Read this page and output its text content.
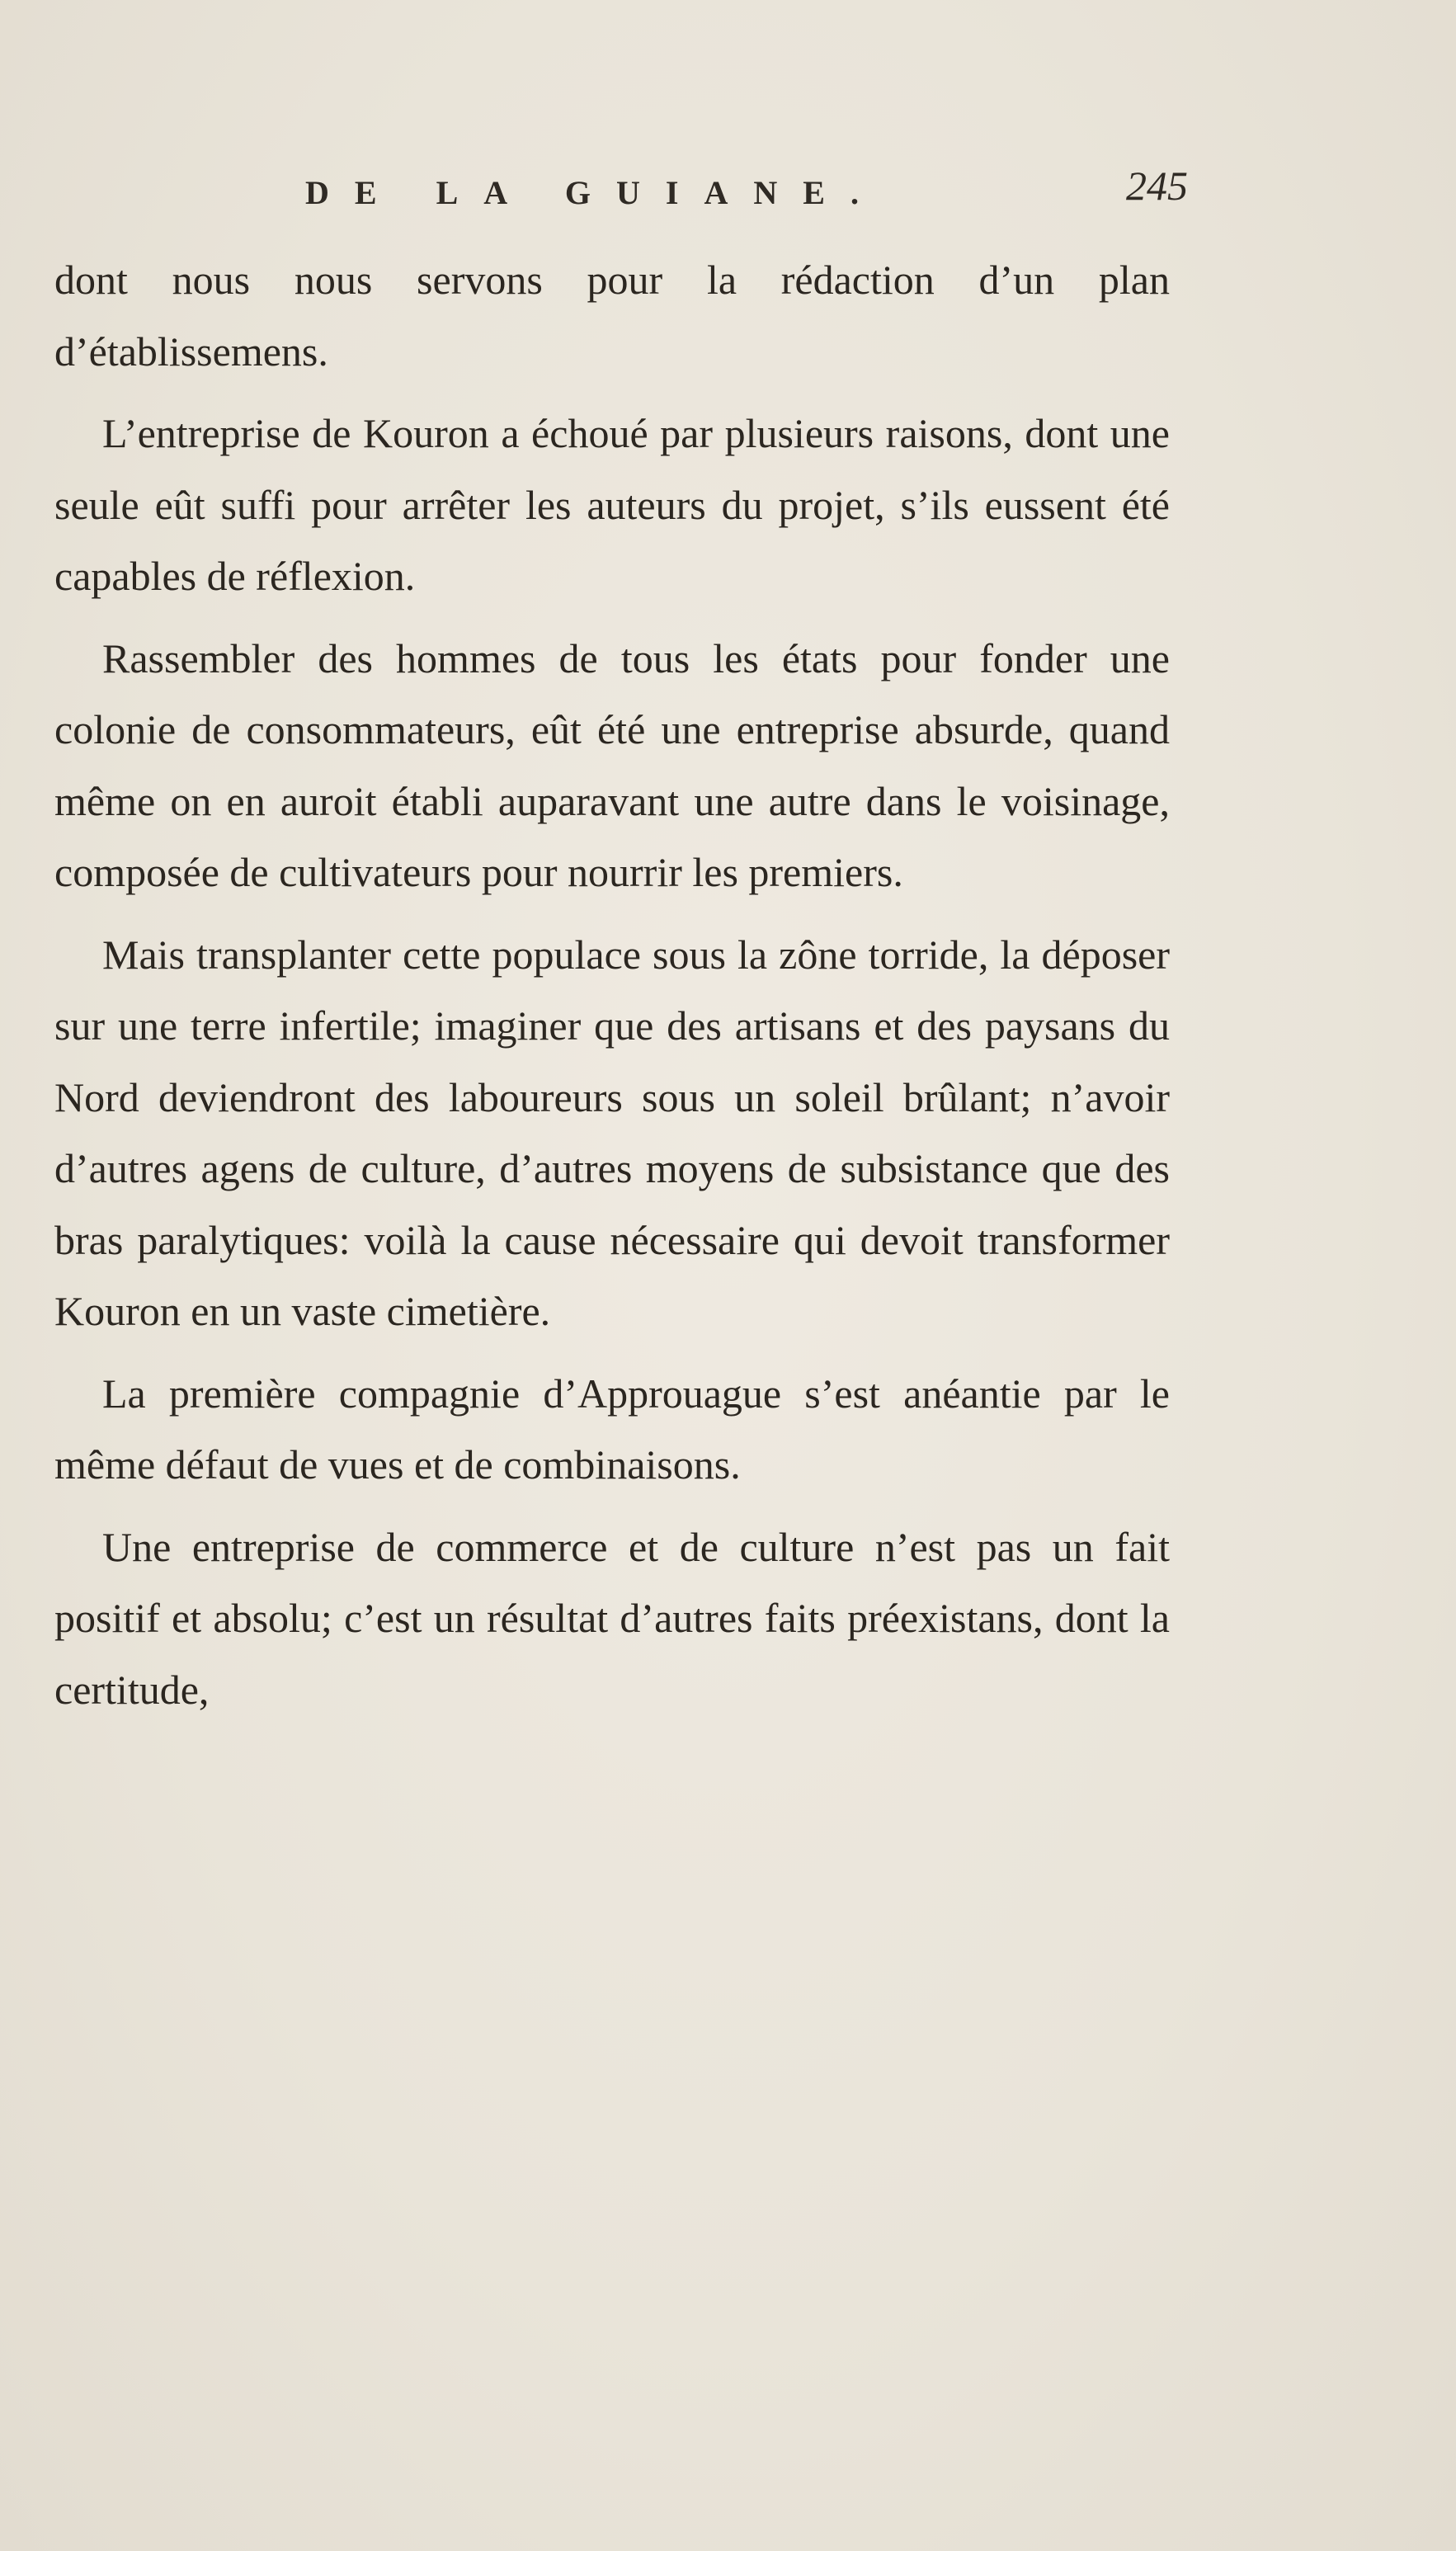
DE LA GUIANE.	245

dont nous nous servons pour la rédaction d’un plan d’établissemens.

L’entreprise de Kouron a échoué par plusieurs raisons, dont une seule eût suffi pour arrêter les auteurs du projet, s’ils eussent été capables de réflexion.

Rassembler des hommes de tous les états pour fonder une colonie de consommateurs, eût été une entreprise absurde, quand même on en auroit établi auparavant une autre dans le voisinage, composée de cultivateurs pour nourrir les premiers.

Mais transplanter cette populace sous la zône torride, la déposer sur une terre infertile; imaginer que des artisans et des paysans du Nord deviendront des laboureurs sous un soleil brûlant; n’avoir d’autres agens de culture, d’autres moyens de subsistance que des bras paralytiques: voilà la cause nécessaire qui devoit transformer Kouron en un vaste cimetière.

La première compagnie d’Approuague s’est anéantie par le même défaut de vues et de combinaisons.

Une entreprise de commerce et de culture n’est pas un fait positif et absolu; c’est un résultat d’autres faits préexistans, dont la certitude,
